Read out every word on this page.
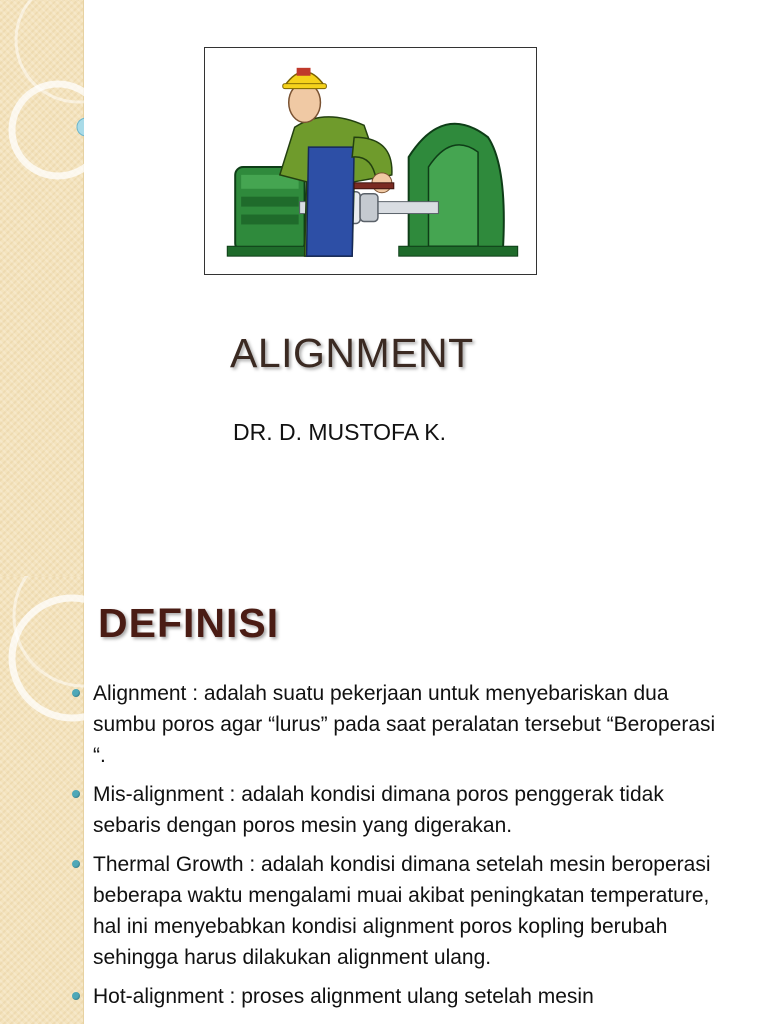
ALIGNMENT
DR. D. MUSTOFA K.
DEFINISI
Alignment : adalah suatu pekerjaan untuk menyebariskan dua sumbu poros agar “lurus” pada saat peralatan tersebut “Beroperasi “.
Mis-alignment : adalah kondisi dimana poros penggerak tidak sebaris dengan poros mesin yang digerakan.
Thermal Growth : adalah kondisi dimana setelah mesin beroperasi beberapa waktu mengalami muai akibat peningkatan temperature, hal ini menyebabkan kondisi alignment poros kopling berubah sehingga harus dilakukan alignment ulang.
Hot-alignment : proses alignment ulang setelah mesin
